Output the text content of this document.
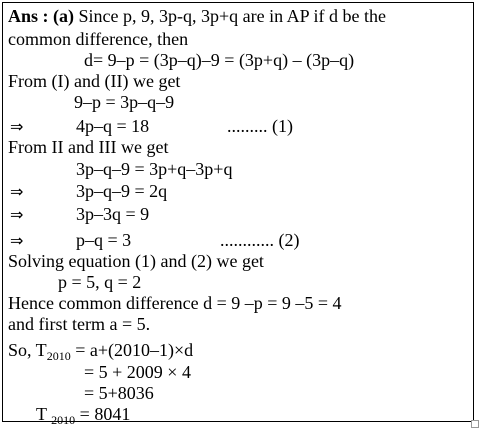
Ans : (a) Since p, 9, 3p-q, 3p+q are in AP if d be the
common difference, then
d= 9–p = (3p–q)–9 = (3p+q) – (3p–q)
From (I) and (II) we get
9–p = 3p–q–9
⇒	4p–q = 18	......... (1)
From II and III we get
3p–q–9 = 3p+q–3p+q
⇒	3p–q–9 = 2q
⇒	3p–3q = 9
⇒	p–q = 3	............ (2)
Solving equation (1) and (2) we get
p = 5, q = 2
Hence common difference d = 9 –p = 9 –5 = 4
and first term a = 5.
So, $T_{2010} = a+(2010-1)\times d$
= 5 + 2009 × 4
= 5+8036
T $_{2010}$ = 8041
